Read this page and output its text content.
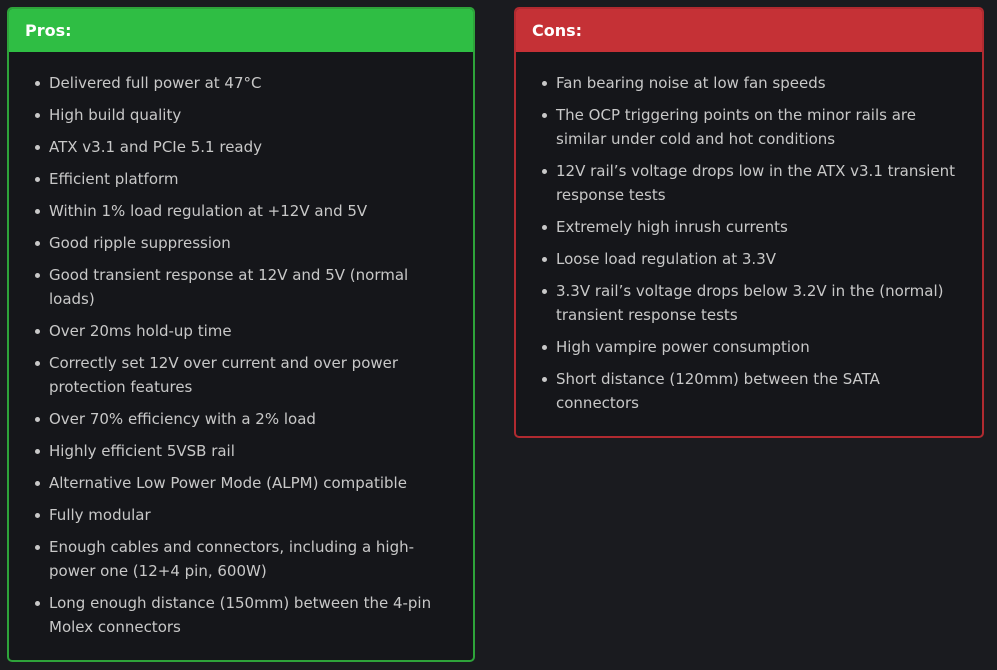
Pros:
Delivered full power at 47°C
High build quality
ATX v3.1 and PCIe 5.1 ready
Efficient platform
Within 1% load regulation at +12V and 5V
Good ripple suppression
Good transient response at 12V and 5V (normal loads)
Over 20ms hold-up time
Correctly set 12V over current and over power protection features
Over 70% efficiency with a 2% load
Highly efficient 5VSB rail
Alternative Low Power Mode (ALPM) compatible
Fully modular
Enough cables and connectors, including a high-power one (12+4 pin, 600W)
Long enough distance (150mm) between the 4-pin Molex connectors
Cons:
Fan bearing noise at low fan speeds
The OCP triggering points on the minor rails are similar under cold and hot conditions
12V rail’s voltage drops low in the ATX v3.1 transient response tests
Extremely high inrush currents
Loose load regulation at 3.3V
3.3V rail’s voltage drops below 3.2V in the (normal) transient response tests
High vampire power consumption
Short distance (120mm) between the SATA connectors
